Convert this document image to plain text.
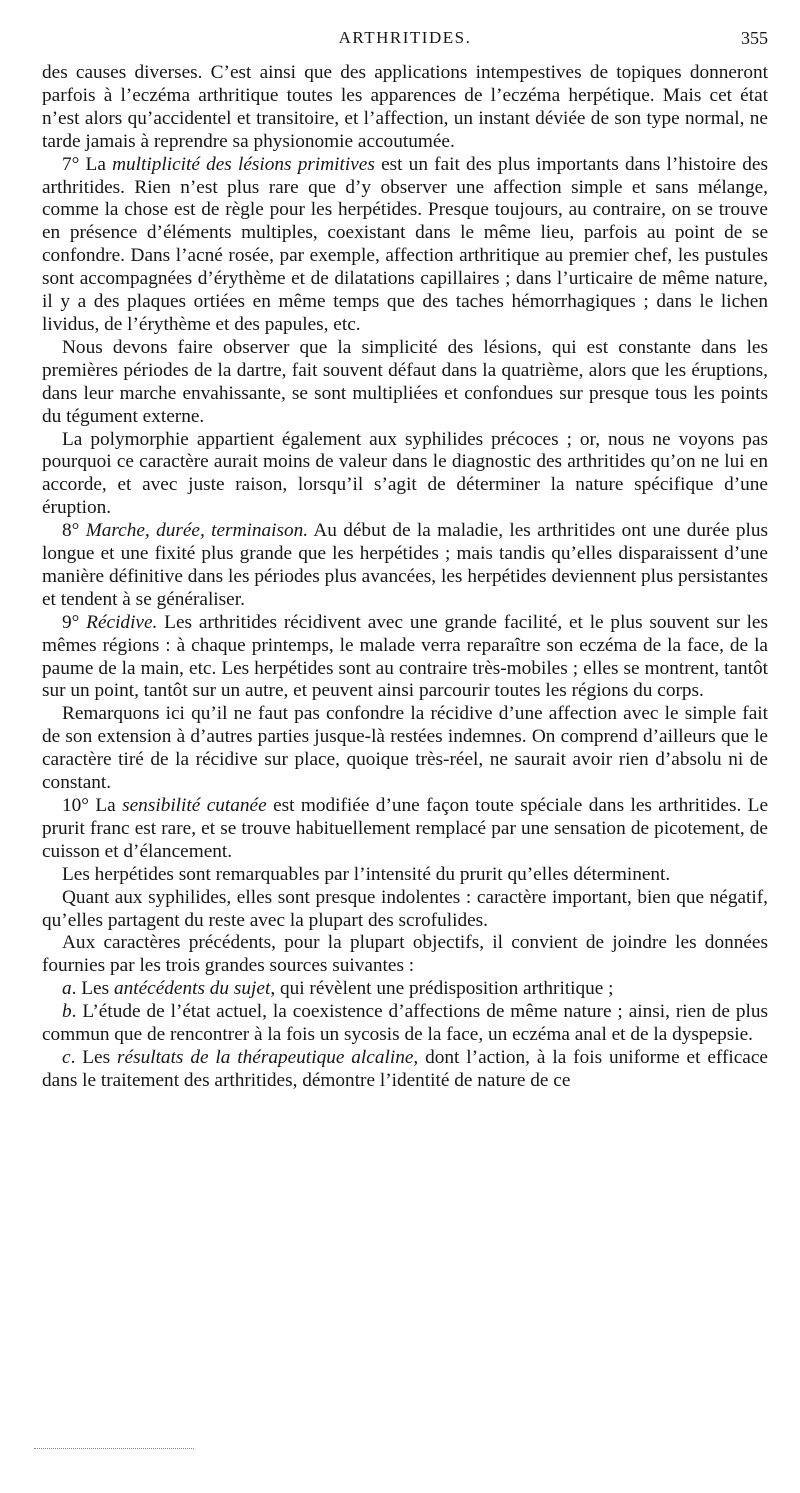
ARTHRITIDES.	355

des causes diverses. C’est ainsi que des applications intempestives de topiques donneront parfois à l’eczéma arthritique toutes les apparences de l’eczéma herpétique. Mais cet état n’est alors qu’accidentel et transitoire, et l’affection, un instant déviée de son type normal, ne tarde jamais à reprendre sa physionomie accoutumée.

7° La multiplicité des lésions primitives est un fait des plus importants dans l’histoire des arthritides. Rien n’est plus rare que d’y observer une affection simple et sans mélange, comme la chose est de règle pour les herpétides. Presque toujours, au contraire, on se trouve en présence d’éléments multiples, coexistant dans le même lieu, parfois au point de se confondre. Dans l’acné rosée, par exemple, affection arthritique au premier chef, les pustules sont accompagnées d’érythème et de dilatations capillaires ; dans l’urticaire de même nature, il y a des plaques ortiées en même temps que des taches hémorrhagiques ; dans le lichen lividus, de l’érythème et des papules, etc.

Nous devons faire observer que la simplicité des lésions, qui est constante dans les premières périodes de la dartre, fait souvent défaut dans la quatrième, alors que les éruptions, dans leur marche envahissante, se sont multipliées et confondues sur presque tous les points du tégument externe.

La polymorphie appartient également aux syphilides précoces ; or, nous ne voyons pas pourquoi ce caractère aurait moins de valeur dans le diagnostic des arthritides qu’on ne lui en accorde, et avec juste raison, lorsqu’il s’agit de déterminer la nature spécifique d’une éruption.

8° Marche, durée, terminaison. Au début de la maladie, les arthritides ont une durée plus longue et une fixité plus grande que les herpétides ; mais tandis qu’elles disparaissent d’une manière définitive dans les périodes plus avancées, les herpétides deviennent plus persistantes et tendent à se généraliser.

9° Récidive. Les arthritides récidivent avec une grande facilité, et le plus souvent sur les mêmes régions : à chaque printemps, le malade verra reparaître son eczéma de la face, de la paume de la main, etc. Les herpétides sont au contraire très-mobiles ; elles se montrent, tantôt sur un point, tantôt sur un autre, et peuvent ainsi parcourir toutes les régions du corps.

Remarquons ici qu’il ne faut pas confondre la récidive d’une affection avec le simple fait de son extension à d’autres parties jusque-là restées indemnes. On comprend d’ailleurs que le caractère tiré de la récidive sur place, quoique très-réel, ne saurait avoir rien d’absolu ni de constant.

10° La sensibilité cutanée est modifiée d’une façon toute spéciale dans les arthritides. Le prurit franc est rare, et se trouve habituellement remplacé par une sensation de picotement, de cuisson et d’élancement.

Les herpétides sont remarquables par l’intensité du prurit qu’elles déterminent.

Quant aux syphilides, elles sont presque indolentes : caractère important, bien que négatif, qu’elles partagent du reste avec la plupart des scrofulides.

Aux caractères précédents, pour la plupart objectifs, il convient de joindre les données fournies par les trois grandes sources suivantes :

a. Les antécédents du sujet, qui révèlent une prédisposition arthritique ;

b. L’étude de l’état actuel, la coexistence d’affections de même nature ; ainsi, rien de plus commun que de rencontrer à la fois un sycosis de la face, un eczéma anal et de la dyspepsie.

c. Les résultats de la thérapeutique alcaline, dont l’action, à la fois uniforme et efficace dans le traitement des arthritides, démontre l’identité de nature de ce
